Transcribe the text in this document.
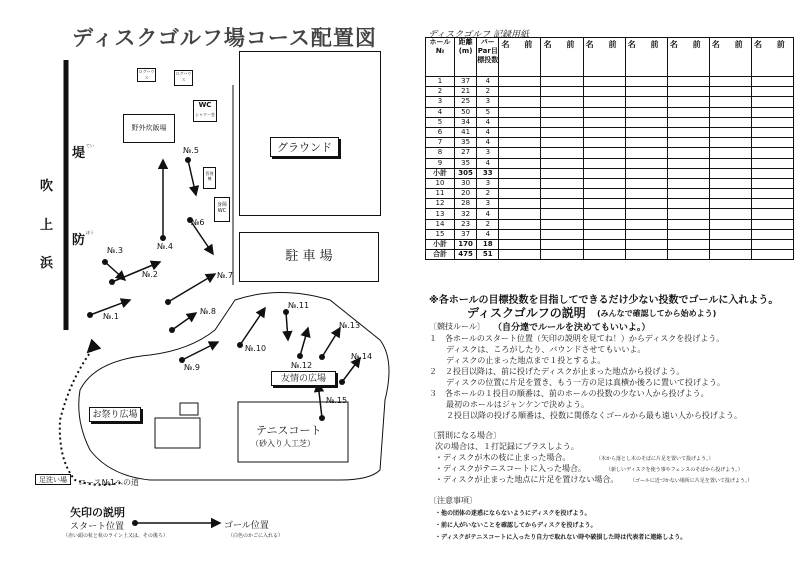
ディスクゴルフ場コース配置図
吹
上
浜
堤
てい
防
ぼう
ログハウス
ログハウス
野外炊飯場
WC
シャワー室
管理棟
身障
WC
グラウンド
駐 車 場
友情の広場
お祭り広場
テニスコート
（砂入り人工芝）
足洗い場	コース№1への道
№.1
№.2
№.3	№.4
№.5
№6
№.7
№.8
№.9
№.10
№.11
№.12
№.13
№.14
№.15
矢印の説明
スタート位置
（赤い頭の杭と杭のライン上又は、その後ろ）
ゴール位置
（白色のかごに入れる）
ディスクゴルフ 記録用紙
ホール№	距離(m)	パーPar目標投数	名 前	名 前	名 前	名 前	名 前	名 前	名 前
1	37	4							
2	21	2							
3	25	3							
4	50	5							
5	34	4							
6	41	4							
7	35	4							
8	27	3							
9	35	4							
小計	305	33							
10	30	3							
11	20	2							
12	28	3							
13	32	4							
14	23	2							
15	37	4							
小計	170	18							
合計	475	51							
※各ホールの目標投数を目指してできるだけ少ない投数でゴールに入れよう。
ディスクゴルフの説明 (みんなで確認してから始めよう)
〔競技ルール〕 （自分達でルールを決めてもいいよ。）
１　各ホールのスタート位置（矢印の説明を見てね！）からディスクを投げよう。
ディスクは、ころがしたり、バウンドさせてもいいよ。
ディスクの止まった地点まで１投とするよ。
２　２投目以降は、前に投げたディスクが止まった地点から投げよう。
ディスクの位置に片足を置き、もう一方の足は真横か後ろに置いて投げよう。
３　各ホールの１投目の順番は、前のホールの投数の少ない人から投げよう。
最初のホールはジャンケンで決めよう。
２投目以降の投げる順番は、投数に関係なくゴールから最も遠い人から投げよう。
〔罰則になる場合〕
次の場合は、１打記録にプラスしよう。
・ディスクが木の枝に止まった場合。	（木から落とし木のそばに片足を置いて投げよう。）
・ディスクがテニスコートに入った場合。	（新しいディスクを使う事やフェンスのそばから投げよう。）
・ディスクが止まった地点に片足を置けない場合。 （ゴールに近づかない場所に片足を置いて投げよう。）
〔注意事項〕
・他の団体の迷惑にならないようにディスクを投げよう。
・前に人がいないことを確認してからディスクを投げよう。
・ディスクがテニスコートに入ったり自力で取れない時や破損した時は代表者に連絡しよう。
